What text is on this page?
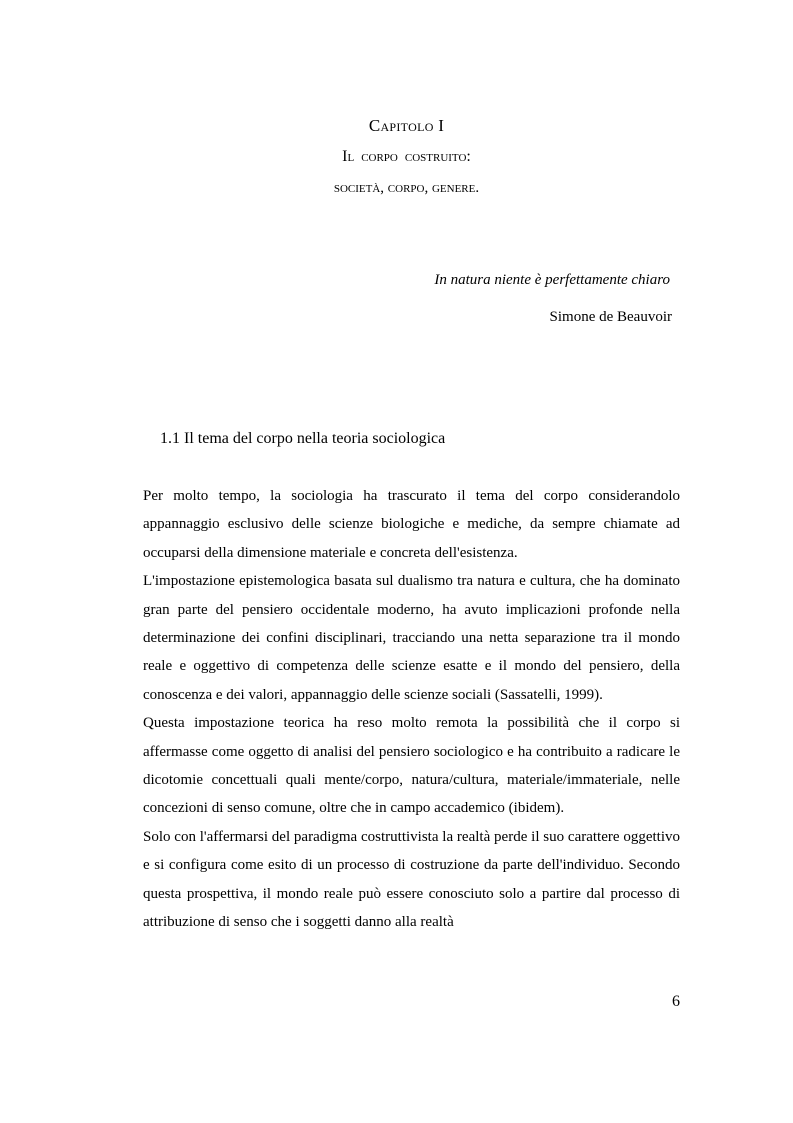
Capitolo I
Il corpo costruito:
società, corpo, genere.
In natura niente è perfettamente chiaro
Simone de Beauvoir
1.1 Il tema del corpo nella teoria sociologica

Per molto tempo, la sociologia ha trascurato il tema del corpo considerandolo appannaggio esclusivo delle scienze biologiche e mediche, da sempre chiamate ad occuparsi della dimensione materiale e concreta dell'esistenza.

L'impostazione epistemologica basata sul dualismo tra natura e cultura, che ha dominato gran parte del pensiero occidentale moderno, ha avuto implicazioni profonde nella determinazione dei confini disciplinari, tracciando una netta separazione tra il mondo reale e oggettivo di competenza delle scienze esatte e il mondo del pensiero, della conoscenza e dei valori, appannaggio delle scienze sociali (Sassatelli, 1999).

Questa impostazione teorica ha reso molto remota la possibilità che il corpo si affermasse come oggetto di analisi del pensiero sociologico e ha contribuito a radicare le dicotomie concettuali quali mente/corpo, natura/cultura, materiale/immateriale, nelle concezioni di senso comune, oltre che in campo accademico (ibidem).

Solo con l'affermarsi del paradigma costruttivista la realtà perde il suo carattere oggettivo e si configura come esito di un processo di costruzione da parte dell'individuo. Secondo questa prospettiva, il mondo reale può essere conosciuto solo a partire dal processo di attribuzione di senso che i soggetti danno alla realtà

6
